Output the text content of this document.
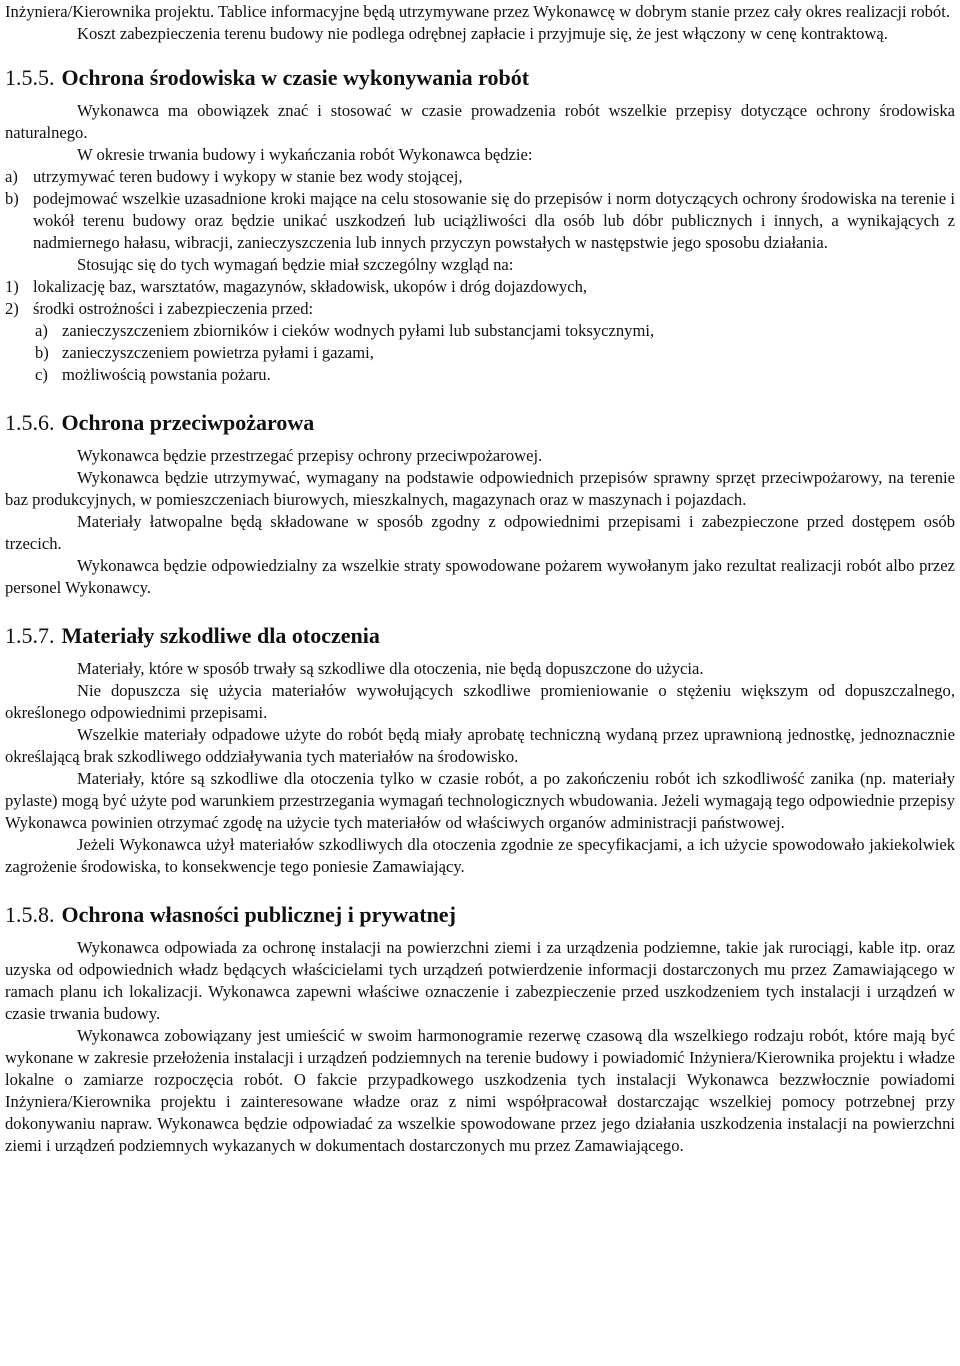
Inżyniera/Kierownika projektu. Tablice informacyjne będą utrzymywane przez Wykonawcę w dobrym stanie przez cały okres realizacji robót.

Koszt zabezpieczenia terenu budowy nie podlega odrębnej zapłacie i przyjmuje się, że jest włączony w cenę kontraktową.

1.5.5. Ochrona środowiska w czasie wykonywania robót

Wykonawca ma obowiązek znać i stosować w czasie prowadzenia robót wszelkie przepisy dotyczące ochrony środowiska naturalnego.

W okresie trwania budowy i wykańczania robót Wykonawca będzie:

a) utrzymywać teren budowy i wykopy w stanie bez wody stojącej,
b) podejmować wszelkie uzasadnione kroki mające na celu stosowanie się do przepisów i norm dotyczących ochrony środowiska na terenie i wokół terenu budowy oraz będzie unikać uszkodzeń lub uciążliwości dla osób lub dóbr publicznych i innych, a wynikających z nadmiernego hałasu, wibracji, zanieczyszczenia lub innych przyczyn powstałych w następstwie jego sposobu działania.

Stosując się do tych wymagań będzie miał szczególny wzgląd na:

1) lokalizację baz, warsztatów, magazynów, składowisk, ukopów i dróg dojazdowych,
2) środki ostrożności i zabezpieczenia przed:
a) zanieczyszczeniem zbiorników i cieków wodnych pyłami lub substancjami toksycznymi,
b) zanieczyszczeniem powietrza pyłami i gazami,
c) możliwością powstania pożaru.
1.5.6. Ochrona przeciwpożarowa

Wykonawca będzie przestrzegać przepisy ochrony przeciwpożarowej.

Wykonawca będzie utrzymywać, wymagany na podstawie odpowiednich przepisów sprawny sprzęt przeciwpożarowy, na terenie baz produkcyjnych, w pomieszczeniach biurowych, mieszkalnych, magazynach oraz w maszynach i pojazdach.

Materiały łatwopalne będą składowane w sposób zgodny z odpowiednimi przepisami i zabezpieczone przed dostępem osób trzecich.

Wykonawca będzie odpowiedzialny za wszelkie straty spowodowane pożarem wywołanym jako rezultat realizacji robót albo przez personel Wykonawcy.

1.5.7. Materiały szkodliwe dla otoczenia

Materiały, które w sposób trwały są szkodliwe dla otoczenia, nie będą dopuszczone do użycia.

Nie dopuszcza się użycia materiałów wywołujących szkodliwe promieniowanie o stężeniu większym od dopuszczalnego, określonego odpowiednimi przepisami.

Wszelkie materiały odpadowe użyte do robót będą miały aprobatę techniczną wydaną przez uprawnioną jednostkę, jednoznacznie określającą brak szkodliwego oddziaływania tych materiałów na środowisko.

Materiały, które są szkodliwe dla otoczenia tylko w czasie robót, a po zakończeniu robót ich szkodliwość zanika (np. materiały pylaste) mogą być użyte pod warunkiem przestrzegania wymagań technologicznych wbudowania. Jeżeli wymagają tego odpowiednie przepisy Wykonawca powinien otrzymać zgodę na użycie tych materiałów od właściwych organów administracji państwowej.

Jeżeli Wykonawca użył materiałów szkodliwych dla otoczenia zgodnie ze specyfikacjami, a ich użycie spowodowało jakiekolwiek zagrożenie środowiska, to konsekwencje tego poniesie Zamawiający.

1.5.8. Ochrona własności publicznej i prywatnej

Wykonawca odpowiada za ochronę instalacji na powierzchni ziemi i za urządzenia podziemne, takie jak rurociągi, kable itp. oraz uzyska od odpowiednich władz będących właścicielami tych urządzeń potwierdzenie informacji dostarczonych mu przez Zamawiającego w ramach planu ich lokalizacji. Wykonawca zapewni właściwe oznaczenie i zabezpieczenie przed uszkodzeniem tych instalacji i urządzeń w czasie trwania budowy.

Wykonawca zobowiązany jest umieścić w swoim harmonogramie rezerwę czasową dla wszelkiego rodzaju robót, które mają być wykonane w zakresie przełożenia instalacji i urządzeń podziemnych na terenie budowy i powiadomić Inżyniera/Kierownika projektu i władze lokalne o zamiarze rozpoczęcia robót. O fakcie przypadkowego uszkodzenia tych instalacji Wykonawca bezzwłocznie powiadomi Inżyniera/Kierownika projektu i zainteresowane władze oraz z nimi współpracował dostarczając wszelkiej pomocy potrzebnej przy dokonywaniu napraw. Wykonawca będzie odpowiadać za wszelkie spowodowane przez jego działania uszkodzenia instalacji na powierzchni ziemi i urządzeń podziemnych wykazanych w dokumentach dostarczonych mu przez Zamawiającego.
